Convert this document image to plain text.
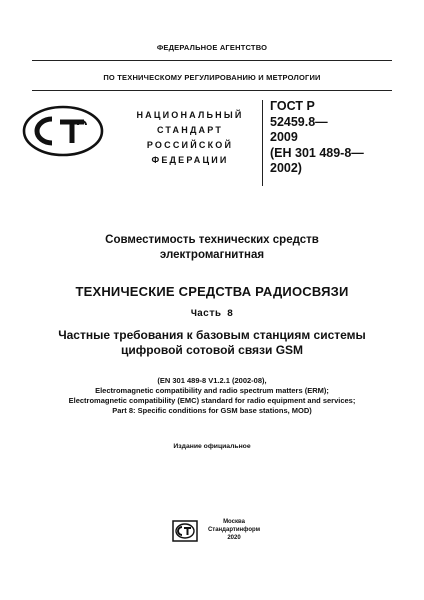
ФЕДЕРАЛЬНОЕ АГЕНТСТВО
ПО ТЕХНИЧЕСКОМУ РЕГУЛИРОВАНИЮ И МЕТРОЛОГИИ
НАЦИОНАЛЬНЫЙ
СТАНДАРТ
РОССИЙСКОЙ
ФЕДЕРАЦИИ
ГОСТ Р
52459.8—
2009
(ЕН 301 489-8—
2002)
Совместимость технических средств
электромагнитная
ТЕХНИЧЕСКИЕ СРЕДСТВА РАДИОСВЯЗИ
Часть 8
Частные требования к базовым станциям системы
цифровой сотовой связи GSM
(EN 301 489-8 V1.2.1 (2002-08),
Electromagnetic compatibility and radio spectrum matters (ERM);
Electromagnetic compatibility (EMC) standard for radio equipment and services;
Part 8: Specific conditions for GSM base stations, MOD)
Издание официальное
Москва
Стандартинформ
2020
